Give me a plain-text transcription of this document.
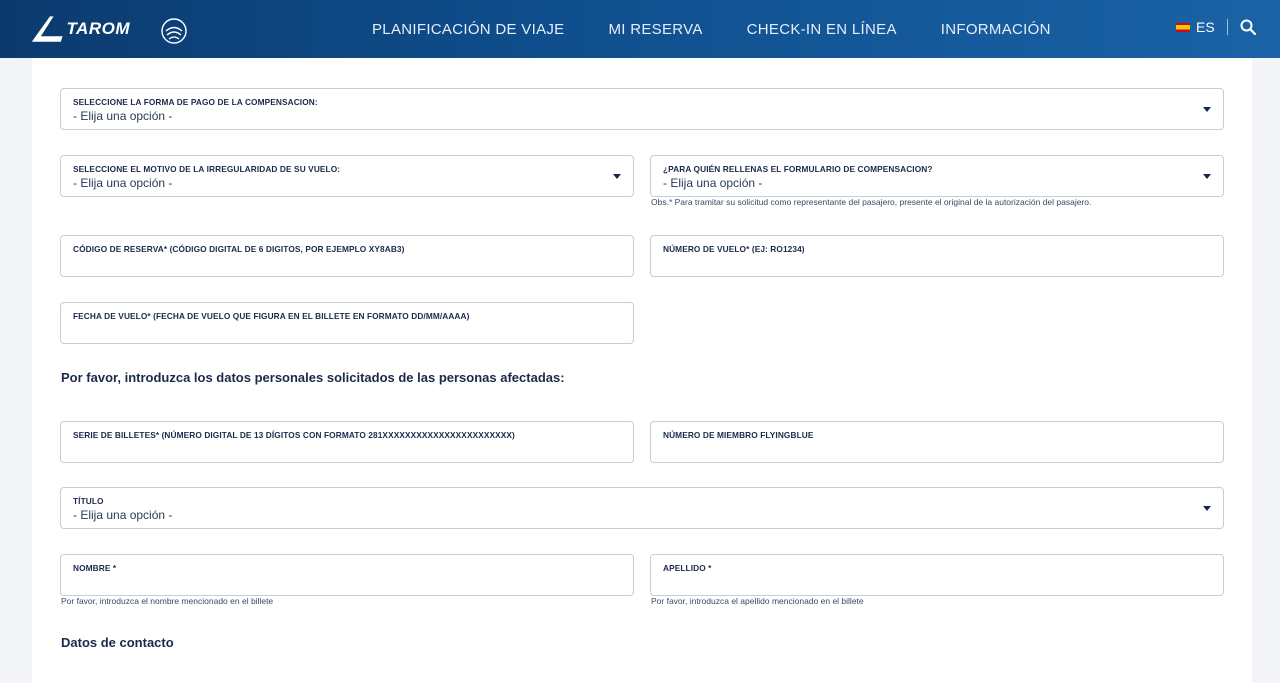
TAROM	PLANIFICACIÓN DE VIAJE	MI RESERVA	CHECK-IN EN LÍNEA	INFORMACIÓN	ES
SELECCIONE LA FORMA DE PAGO DE LA COMPENSACION:
- Elija una opción -
SELECCIONE EL MOTIVO DE LA IRREGULARIDAD DE SU VUELO:
- Elija una opción -
¿PARA QUIÉN RELLENAS EL FORMULARIO DE COMPENSACION?
- Elija una opción -
Obs.* Para tramitar su solicitud como representante del pasajero, presente el original de la autorización del pasajero.
CÓDIGO DE RESERVA* (CÓDIGO DIGITAL DE 6 DIGITOS, POR EJEMPLO XY8AB3)	NÚMERO DE VUELO* (EJ: RO1234)
FECHA DE VUELO* (FECHA DE VUELO QUE FIGURA EN EL BILLETE EN FORMATO DD/MM/AAAA)
Por favor, introduzca los datos personales solicitados de las personas afectadas:
SERIE DE BILLETES* (NÚMERO DIGITAL DE 13 DÍGITOS CON FORMATO 281XXXXXXXXXXXXXXXXXXXXXXX)	NÚMERO DE MIEMBRO FLYINGBLUE
TÍTULO
- Elija una opción -
NOMBRE *
Por favor, introduzca el nombre mencionado en el billete
APELLIDO *
Por favor, introduzca el apellido mencionado en el billete
Datos de contacto
